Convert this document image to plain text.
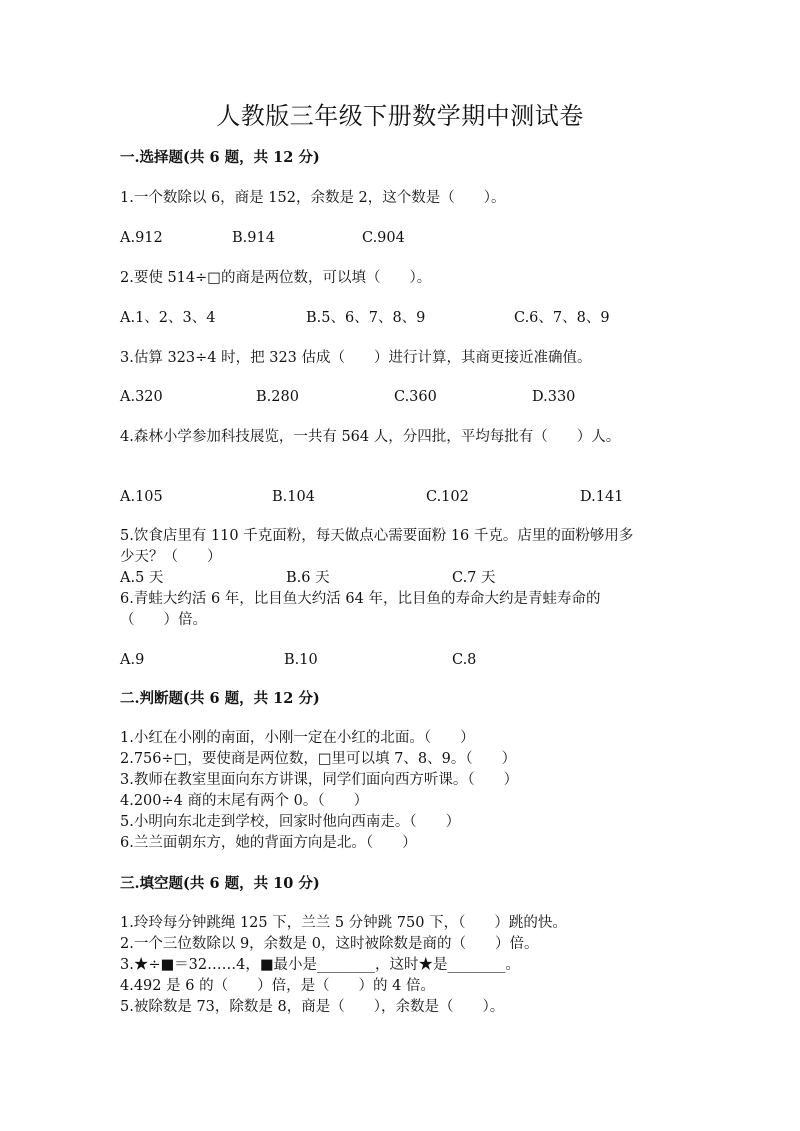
人教版三年级下册数学期中测试卷
一.选择题(共 6 题，共 12 分)
1.一个数除以 6，商是 152，余数是 2，这个数是（　　）。
A.912	B.914	C.904
2.要使 514÷□的商是两位数，可以填（　　）。
A.1、2、3、4	B.5、6、7、8、9	C.6、7、8、9
3.估算 323÷4 时，把 323 估成（　　）进行计算，其商更接近准确值。
A.320	B.280	C.360	D.330
4.森林小学参加科技展览，一共有 564 人，分四批，平均每批有（　　）人。
A.105	B.104	C.102	D.141
5.饮食店里有 110 千克面粉，每天做点心需要面粉 16 千克。店里的面粉够用多
少天？（　　）
A.5 天	B.6 天	C.7 天
6.青蛙大约活 6 年，比目鱼大约活 64 年，比目鱼的寿命大约是青蛙寿命的
（　　）倍。
A.9	B.10	C.8
二.判断题(共 6 题，共 12 分)
1.小红在小刚的南面，小刚一定在小红的北面。（　　）
2.756÷□，要使商是两位数，□里可以填 7、8、9。（　　）
3.教师在教室里面向东方讲课，同学们面向西方听课。（　　）
4.200÷4 商的末尾有两个 0。（　　）
5.小明向东北走到学校，回家时他向西南走。（　　）
6.兰兰面朝东方，她的背面方向是北。（　　）
三.填空题(共 6 题，共 10 分)
1.玲玲每分钟跳绳 125 下，兰兰 5 分钟跳 750 下，（　　）跳的快。
2.一个三位数除以 9，余数是 0，这时被除数是商的（　　）倍。
3.★÷■＝32……4，■最小是________，这时★是________。
4.492 是 6 的（　　）倍，是（　　）的 4 倍。
5.被除数是 73，除数是 8，商是（　　），余数是（　　）。
